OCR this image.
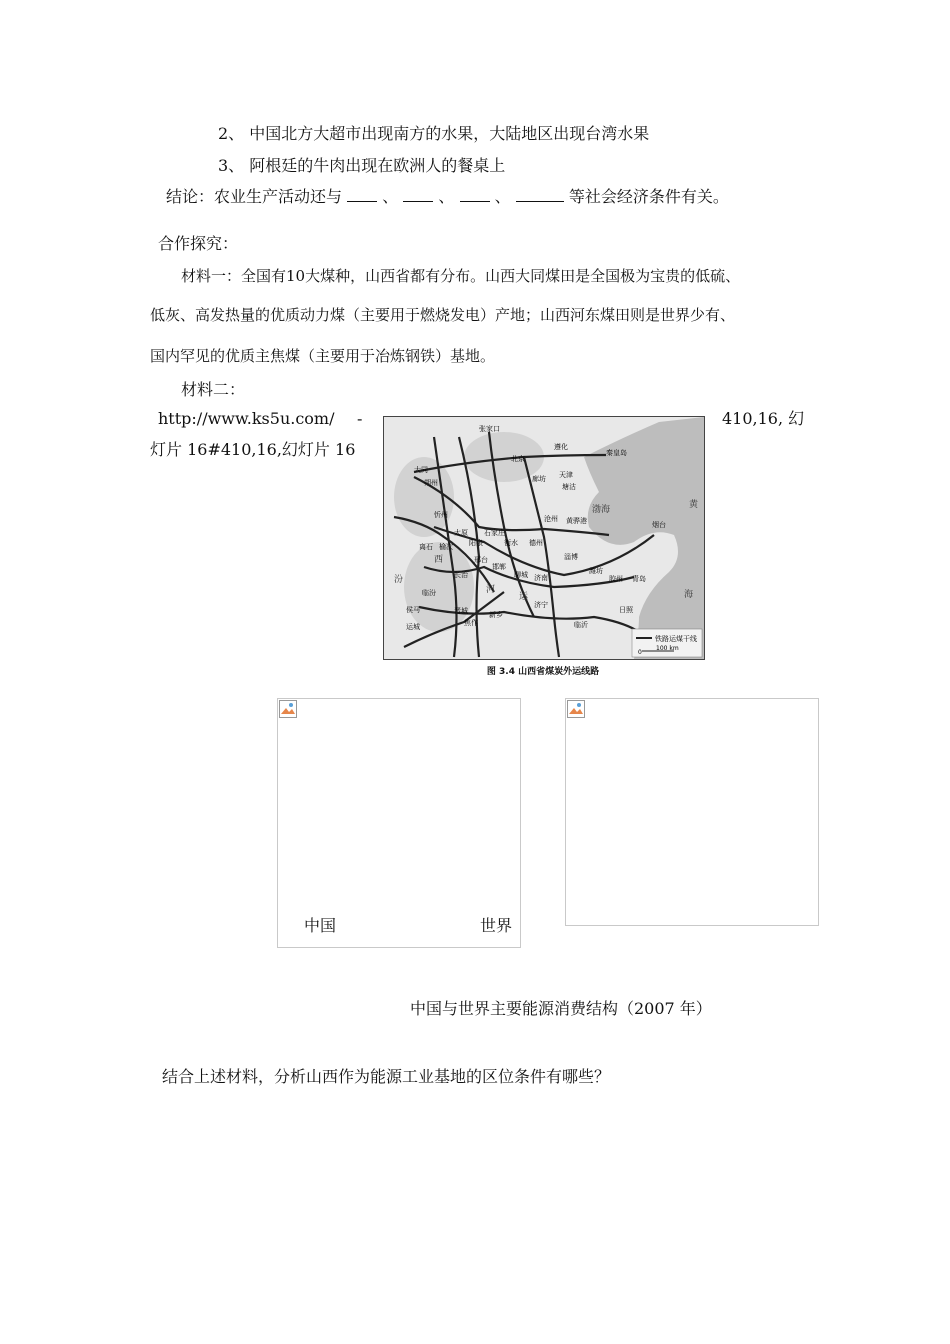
2、 中国北方大超市出现南方的水果，大陆地区出现台湾水果
3、 阿根廷的牛肉出现在欧洲人的餐桌上
结论：农业生产活动还与	、	、	、	等社会经济条件有关。
合作探究：
材料一：全国有10大煤种，山西省都有分布。山西大同煤田是全国极为宝贵的低硫、
低灰、高发热量的优质动力煤（主要用于燃烧发电）产地；山西河东煤田则是世界少有、
国内罕见的优质主焦煤（主要用于冶炼钢铁）基地。
材料二：
http://www.ks5u.com/ -	410,16, 幻
灯片 16#410,16,幻灯片 16
张家口
北京
遵化
秦皇岛
大同
朔州	廊坊 天津
塘沽
忻州	沧州 黄骅港
太原 石家庄
阳泉	衡水 德州
离石 榆次
邢台
长治
邯郸
聊城 济南
淄博
潍坊
胶州 青岛
烟台
临汾
晋城	新乡
焦作
侯马
运城
济宁
临沂
日照
渤海	黄
海
西
汾
河
运
铁路运煤干线
0
100 km
图 3.4 山西省煤炭外运线路
中国	世界
中国与世界主要能源消费结构（2007 年）
结合上述材料，分析山西作为能源工业基地的区位条件有哪些？
